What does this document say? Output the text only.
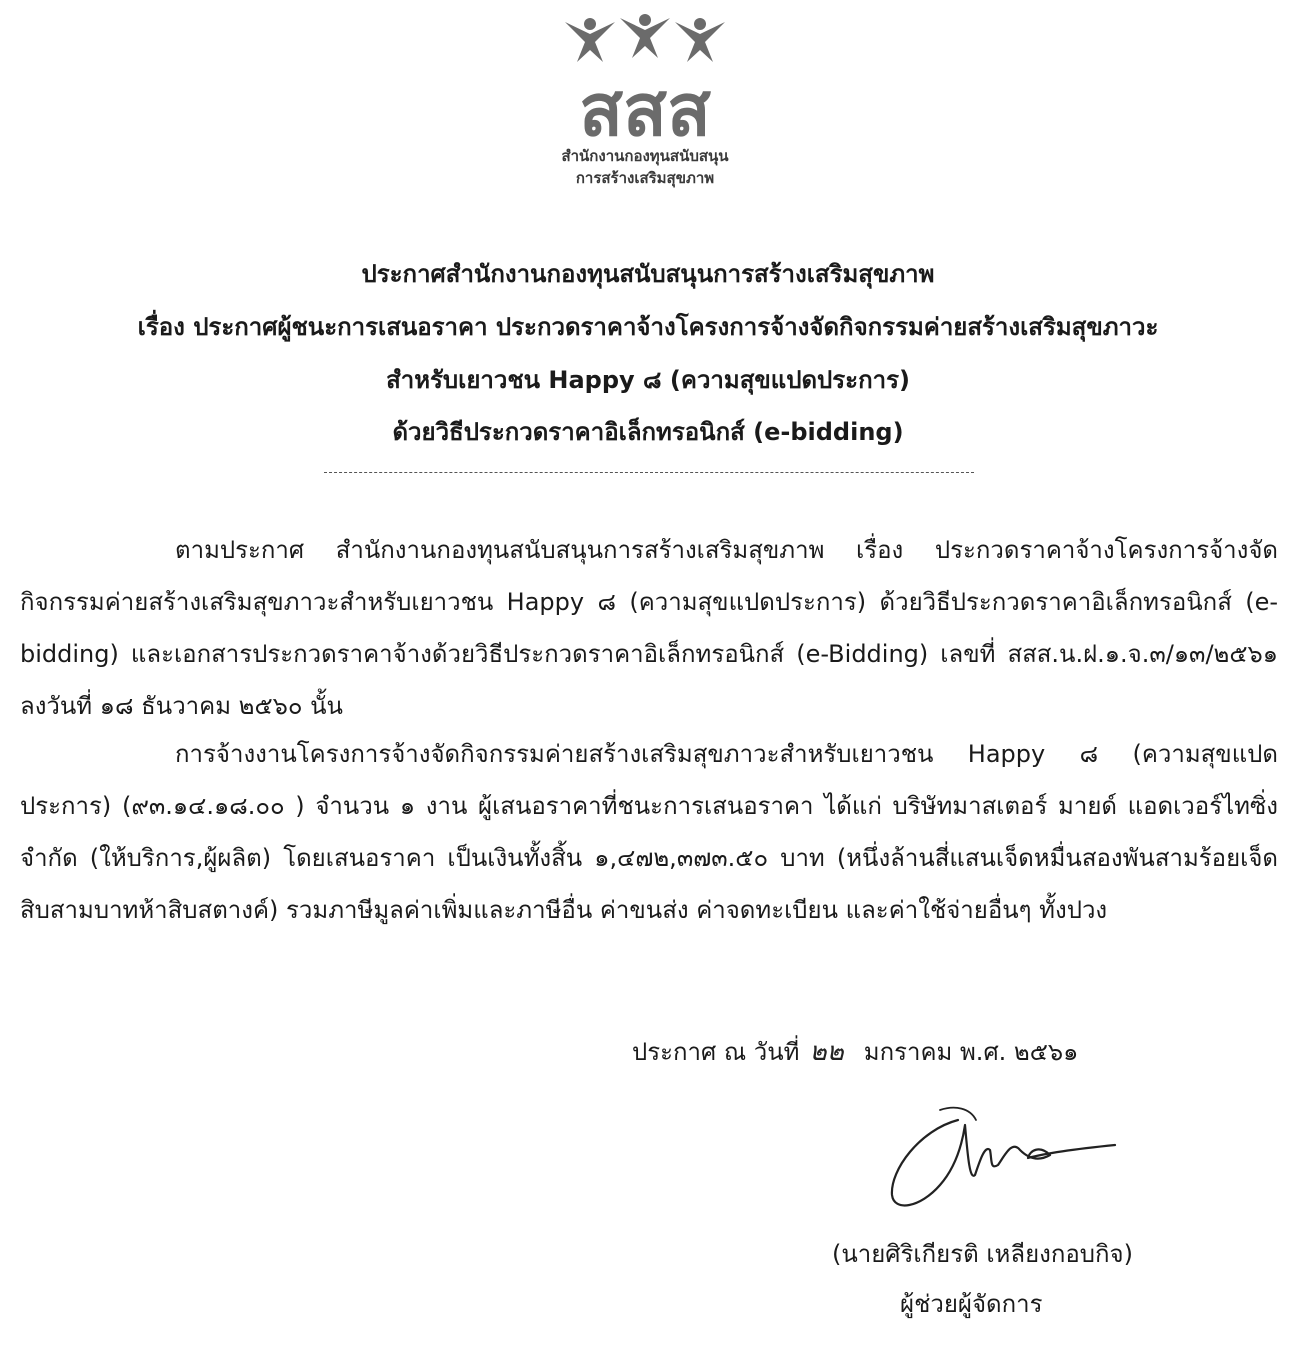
สสส
สำนักงานกองทุนสนับสนุน
การสร้างเสริมสุขภาพ
ประกาศสำนักงานกองทุนสนับสนุนการสร้างเสริมสุขภาพ
เรื่อง ประกาศผู้ชนะการเสนอราคา ประกวดราคาจ้างโครงการจ้างจัดกิจกรรมค่ายสร้างเสริมสุขภาวะ
สำหรับเยาวชน Happy ๘ (ความสุขแปดประการ)
ด้วยวิธีประกวดราคาอิเล็กทรอนิกส์ (e-bidding)

ตามประกาศ สำนักงานกองทุนสนับสนุนการสร้างเสริมสุขภาพ เรื่อง ประกวดราคาจ้างโครงการจ้างจัดกิจกรรมค่ายสร้างเสริมสุขภาวะสำหรับเยาวชน Happy ๘ (ความสุขแปดประการ) ด้วยวิธีประกวดราคาอิเล็กทรอนิกส์ (e-bidding) และเอกสารประกวดราคาจ้างด้วยวิธีประกวดราคาอิเล็กทรอนิกส์ (e-Bidding) เลขที่ สสส.น.ฝ.๑.จ.๓/๑๓/๒๕๖๑ ลงวันที่ ๑๘ ธันวาคม ๒๕๖๐ นั้น

การจ้างงานโครงการจ้างจัดกิจกรรมค่ายสร้างเสริมสุขภาวะสำหรับเยาวชน Happy ๘ (ความสุขแปดประการ) (๙๓.๑๔.๑๘.๐๐ ) จำนวน ๑ งาน ผู้เสนอราคาที่ชนะการเสนอราคา ได้แก่ บริษัทมาสเตอร์ มายด์ แอดเวอร์ไทซิ่ง จำกัด (ให้บริการ,ผู้ผลิต) โดยเสนอราคา เป็นเงินทั้งสิ้น ๑,๔๗๒,๓๗๓.๕๐ บาท (หนึ่งล้านสี่แสนเจ็ดหมื่นสองพันสามร้อยเจ็ดสิบสามบาทห้าสิบสตางค์) รวมภาษีมูลค่าเพิ่มและภาษีอื่น ค่าขนส่ง ค่าจดทะเบียน และค่าใช้จ่ายอื่นๆ ทั้งปวง

ประกาศ ณ วันที่ ๒๒ มกราคม พ.ศ. ๒๕๖๑
(นายศิริเกียรติ เหลียงกอบกิจ)
ผู้ช่วยผู้จัดการ
